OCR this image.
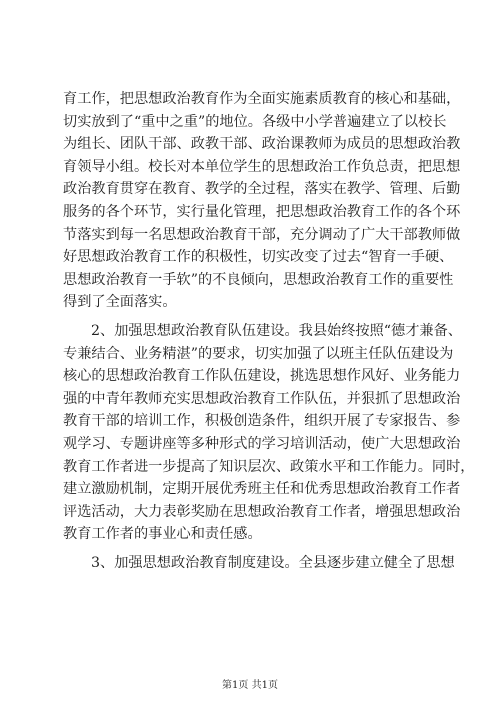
育工作，把思想政治教育作为全面实施素质教育的核心和基础，
切实放到了“重中之重”的地位。各级中小学普遍建立了以校长
为组长、团队干部、政教干部、政治课教师为成员的思想政治教
育领导小组。校长对本单位学生的思想政治工作负总责，把思想
政治教育贯穿在教育、教学的全过程，落实在教学、管理、后勤
服务的各个环节，实行量化管理，把思想政治教育工作的各个环
节落实到每一名思想政治教育干部，充分调动了广大干部教师做
好思想政治教育工作的积极性，切实改变了过去“智育一手硬、
思想政治教育一手软”的不良倾向，思想政治教育工作的重要性
得到了全面落实。
2、加强思想政治教育队伍建设。我县始终按照“德才兼备、
专兼结合、业务精湛”的要求，切实加强了以班主任队伍建设为
核心的思想政治教育工作队伍建设，挑选思想作风好、业务能力
强的中青年教师充实思想政治教育工作队伍，并狠抓了思想政治
教育干部的培训工作，积极创造条件，组织开展了专家报告、参
观学习、专题讲座等多种形式的学习培训活动，使广大思想政治
教育工作者进一步提高了知识层次、政策水平和工作能力。同时，
建立激励机制，定期开展优秀班主任和优秀思想政治教育工作者
评选活动，大力表彰奖励在思想政治教育工作者，增强思想政治
教育工作者的事业心和责任感。
3、加强思想政治教育制度建设。全县逐步建立健全了思想
第1页 共1页
